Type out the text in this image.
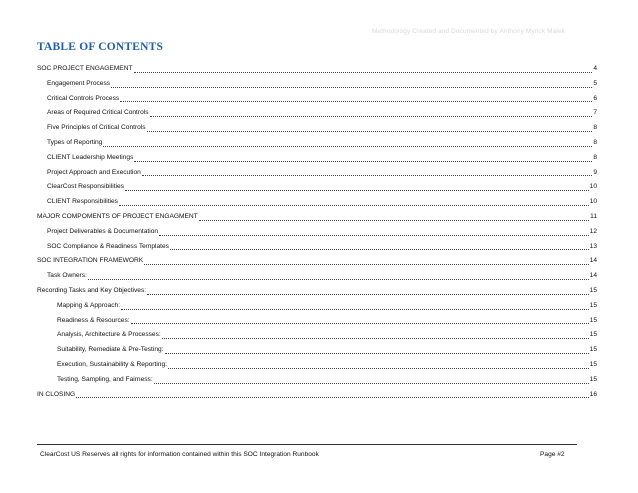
Methodology Created and Documented by Anthony Myrick Malek
TABLE OF CONTENTS
SOC PROJECT ENGAGEMENT	4
Engagement Process	5
Critical Controls Process	6
Areas of Required Critical Controls	7
Five Principles of Critical Controls	8
Types of Reporting	8
CLIENT Leadership Meetings	8
Project Approach and Execution	9
ClearCost Responsibilities	10
CLIENT Responsibilities	10
MAJOR COMPOMENTS OF PROJECT ENGAGMENT	11
Project Deliverables & Documentation	12
SOC Compliance & Readiness Templates	13
SOC INTEGRATION FRAMEWORK	14
Task Owners:	14
Recording Tasks and Key Objectives:	15
Mapping & Approach:	15
Readiness & Resources:	15
Analysis, Architecture & Processes:	15
Suitability, Remediate & Pre-Testing:	15
Execution, Sustainability & Reporting:	15
Testing, Sampling, and Fairness:	15
IN CLOSING	16
ClearCost US Reserves all rights for information contained within this SOC Integration Runbook	Page #2
